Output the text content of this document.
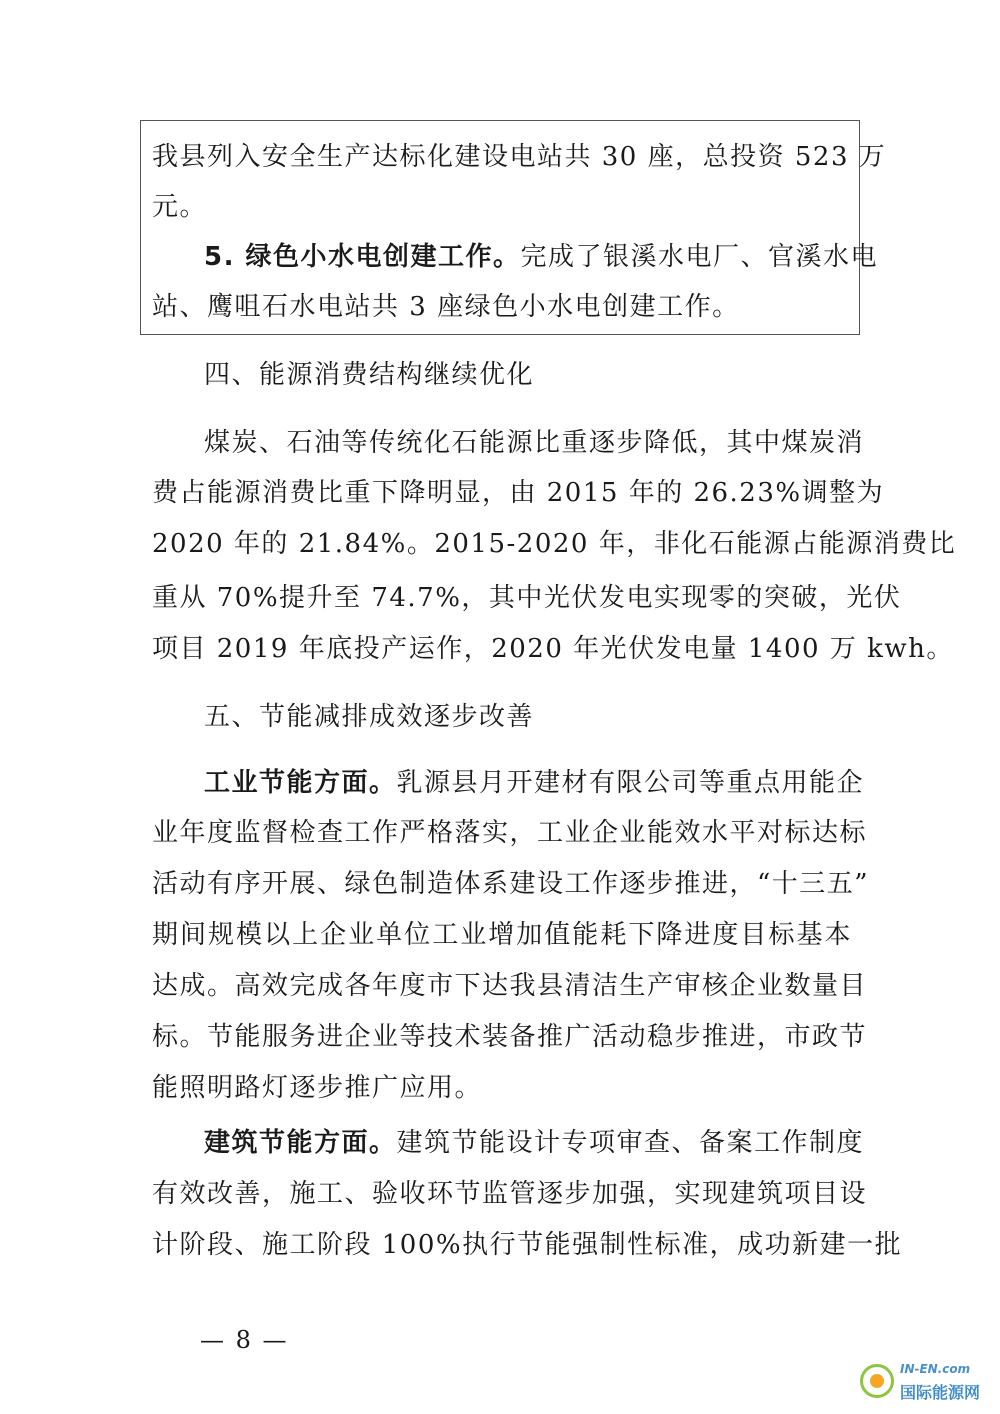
我县列入安全生产达标化建设电站共 30 座，总投资 523 万
元。
5. 绿色小水电创建工作。完成了银溪水电厂、官溪水电
站、鹰咀石水电站共 3 座绿色小水电创建工作。
四、能源消费结构继续优化
煤炭、石油等传统化石能源比重逐步降低，其中煤炭消
费占能源消费比重下降明显，由 2015 年的 26.23%调整为
2020 年的 21.84%。2015-2020 年，非化石能源占能源消费比
重从 70%提升至 74.7%，其中光伏发电实现零的突破，光伏
项目 2019 年底投产运作，2020 年光伏发电量 1400 万 kwh。
五、节能减排成效逐步改善
工业节能方面。乳源县月开建材有限公司等重点用能企
业年度监督检查工作严格落实，工业企业能效水平对标达标
活动有序开展、绿色制造体系建设工作逐步推进，“十三五”
期间规模以上企业单位工业增加值能耗下降进度目标基本
达成。高效完成各年度市下达我县清洁生产审核企业数量目
标。节能服务进企业等技术装备推广活动稳步推进，市政节
能照明路灯逐步推广应用。
建筑节能方面。建筑节能设计专项审查、备案工作制度
有效改善，施工、验收环节监管逐步加强，实现建筑项目设
计阶段、施工阶段 100%执行节能强制性标准，成功新建一批
— 8 —
IN-EN.com
国际能源网
